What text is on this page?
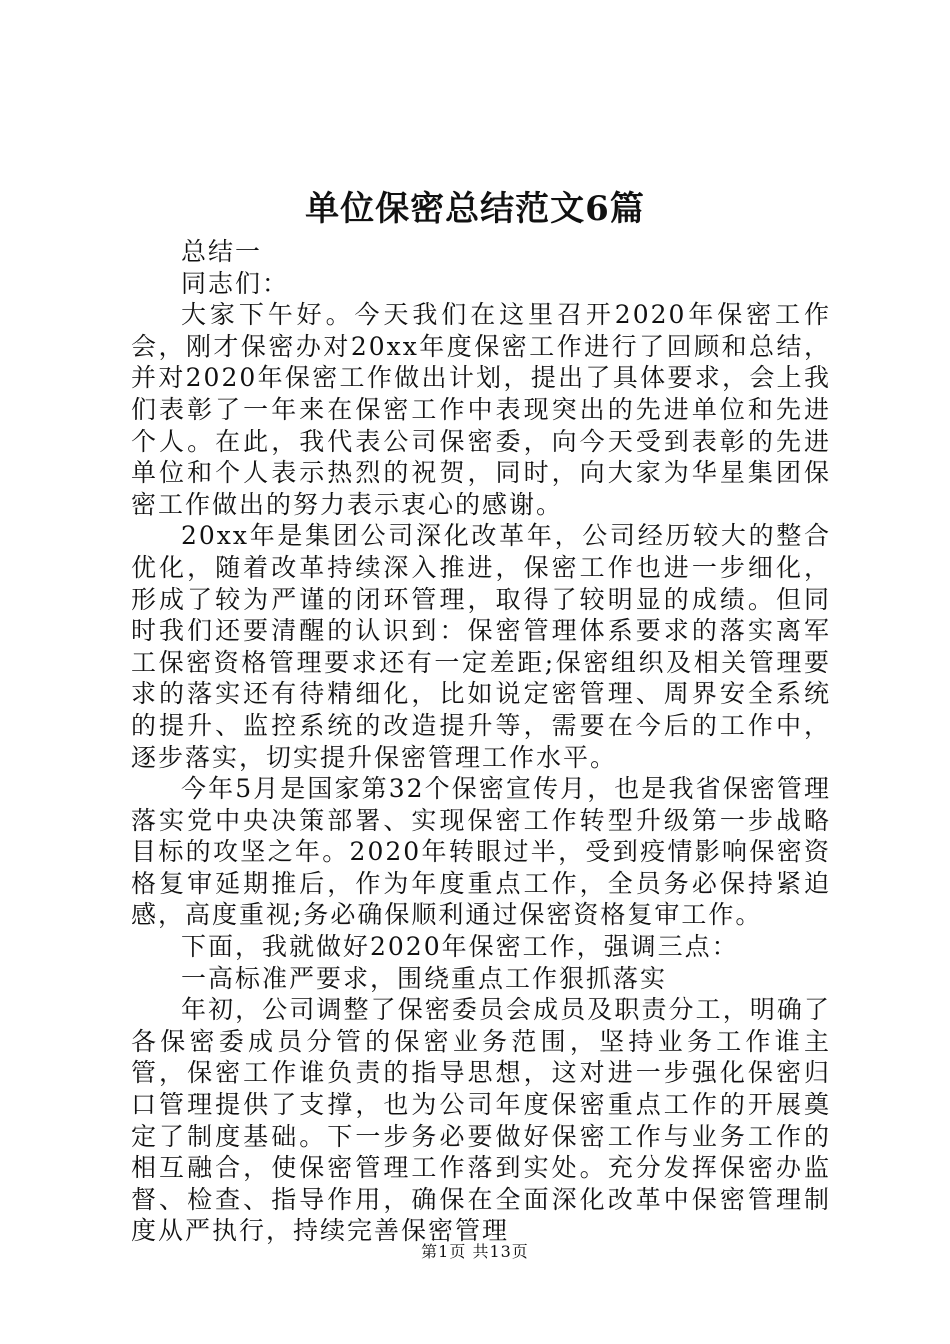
单位保密总结范文6篇

总结一

同志们：

大家下午好。今天我们在这里召开2020年保密工作会，刚才保密办对20xx年度保密工作进行了回顾和总结，并对2020年保密工作做出计划，提出了具体要求，会上我们表彰了一年来在保密工作中表现突出的先进单位和先进个人。在此，我代表公司保密委，向今天受到表彰的先进单位和个人表示热烈的祝贺，同时，向大家为华星集团保密工作做出的努力表示衷心的感谢。

20xx年是集团公司深化改革年，公司经历较大的整合优化，随着改革持续深入推进，保密工作也进一步细化，形成了较为严谨的闭环管理，取得了较明显的成绩。但同时我们还要清醒的认识到：保密管理体系要求的落实离军工保密资格管理要求还有一定差距;保密组织及相关管理要求的落实还有待精细化，比如说定密管理、周界安全系统的提升、监控系统的改造提升等，需要在今后的工作中，逐步落实，切实提升保密管理工作水平。

今年5月是国家第32个保密宣传月，也是我省保密管理落实党中央决策部署、实现保密工作转型升级第一步战略目标的攻坚之年。2020年转眼过半，受到疫情影响保密资格复审延期推后，作为年度重点工作，全员务必保持紧迫感，高度重视;务必确保顺利通过保密资格复审工作。

下面，我就做好2020年保密工作，强调三点：

一高标准严要求，围绕重点工作狠抓落实

年初，公司调整了保密委员会成员及职责分工，明确了各保密委成员分管的保密业务范围，坚持业务工作谁主管，保密工作谁负责的指导思想，这对进一步强化保密归口管理提供了支撑，也为公司年度保密重点工作的开展奠定了制度基础。下一步务必要做好保密工作与业务工作的相互融合，使保密管理工作落到实处。充分发挥保密办监督、检查、指导作用，确保在全面深化改革中保密管理制度从严执行，持续完善保密管理

第1页 共13页
